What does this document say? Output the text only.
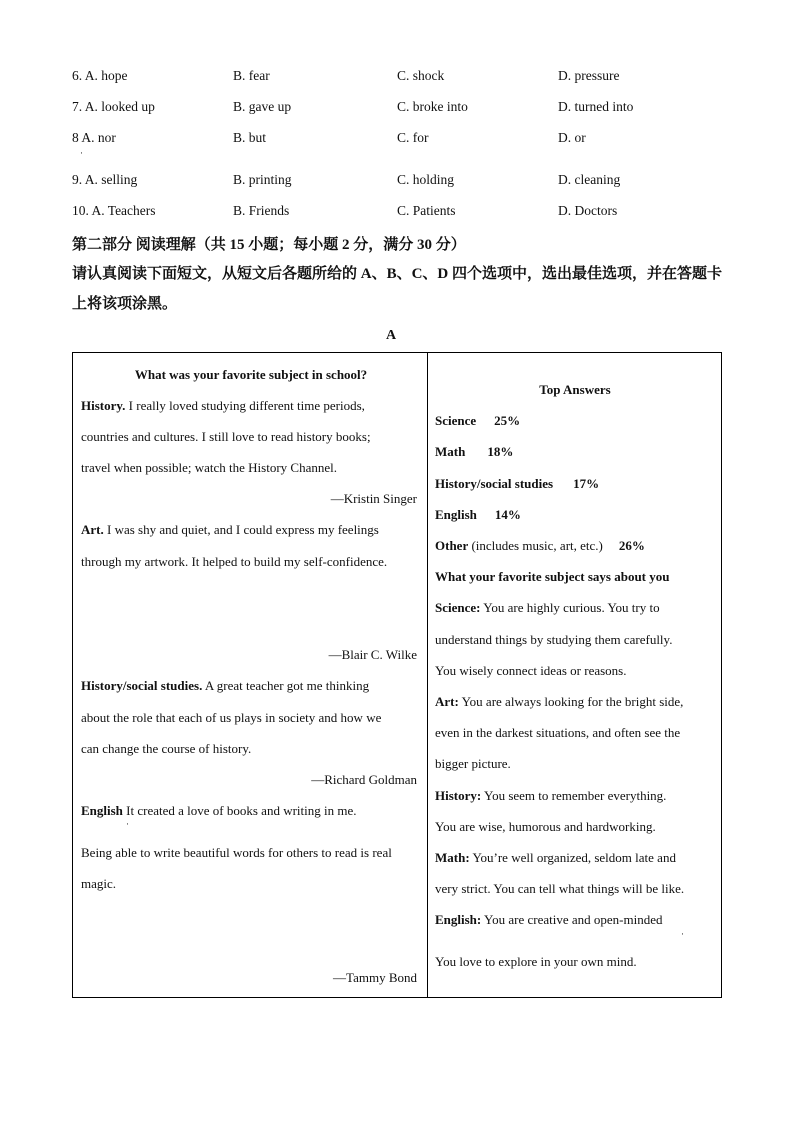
6. A. hope	B. fear	C. shock	D. pressure
7. A. looked up	B. gave up	C. broke into	D. turned into
8 A. nor	B. but	C. for	D. or
·
9. A. selling	B. printing	C. holding	D. cleaning
10. A. Teachers	B. Friends	C. Patients	D. Doctors
第二部分 阅读理解（共 15 小题；每小题 2 分，满分 30 分）
请认真阅读下面短文，从短文后各题所给的 A、B、C、D 四个选项中，选出最佳选项，并在答题卡上将该项涂黑。
A
What was your favorite subject in school?
History. I really loved studying different time periods,
countries and cultures. I still love to read history books;
travel when possible; watch the History Channel.
—Kristin Singer
Art. I was shy and quiet, and I could express my feelings
through my artwork. It helped to build my self-confidence.
—Blair C. Wilke
History/social studies. A great teacher got me thinking
about the role that each of us plays in society and how we
can change the course of history.
—Richard Goldman
English It created a love of books and writing in me.
·
Being able to write beautiful words for others to read is real
magic.
—Tammy Bond
Top Answers
Science 25%
Math 18%
History/social studies 17%
English 14%
Other (includes music, art, etc.) 26%
What your favorite subject says about you
Science: You are highly curious. You try to
understand things by studying them carefully.
You wisely connect ideas or reasons.
Art: You are always looking for the bright side,
even in the darkest situations, and often see the
bigger picture.
History: You seem to remember everything.
You are wise, humorous and hardworking.
Math: You’re well organized, seldom late and
very strict. You can tell what things will be like.
English: You are creative and open-minded
·
You love to explore in your own mind.
